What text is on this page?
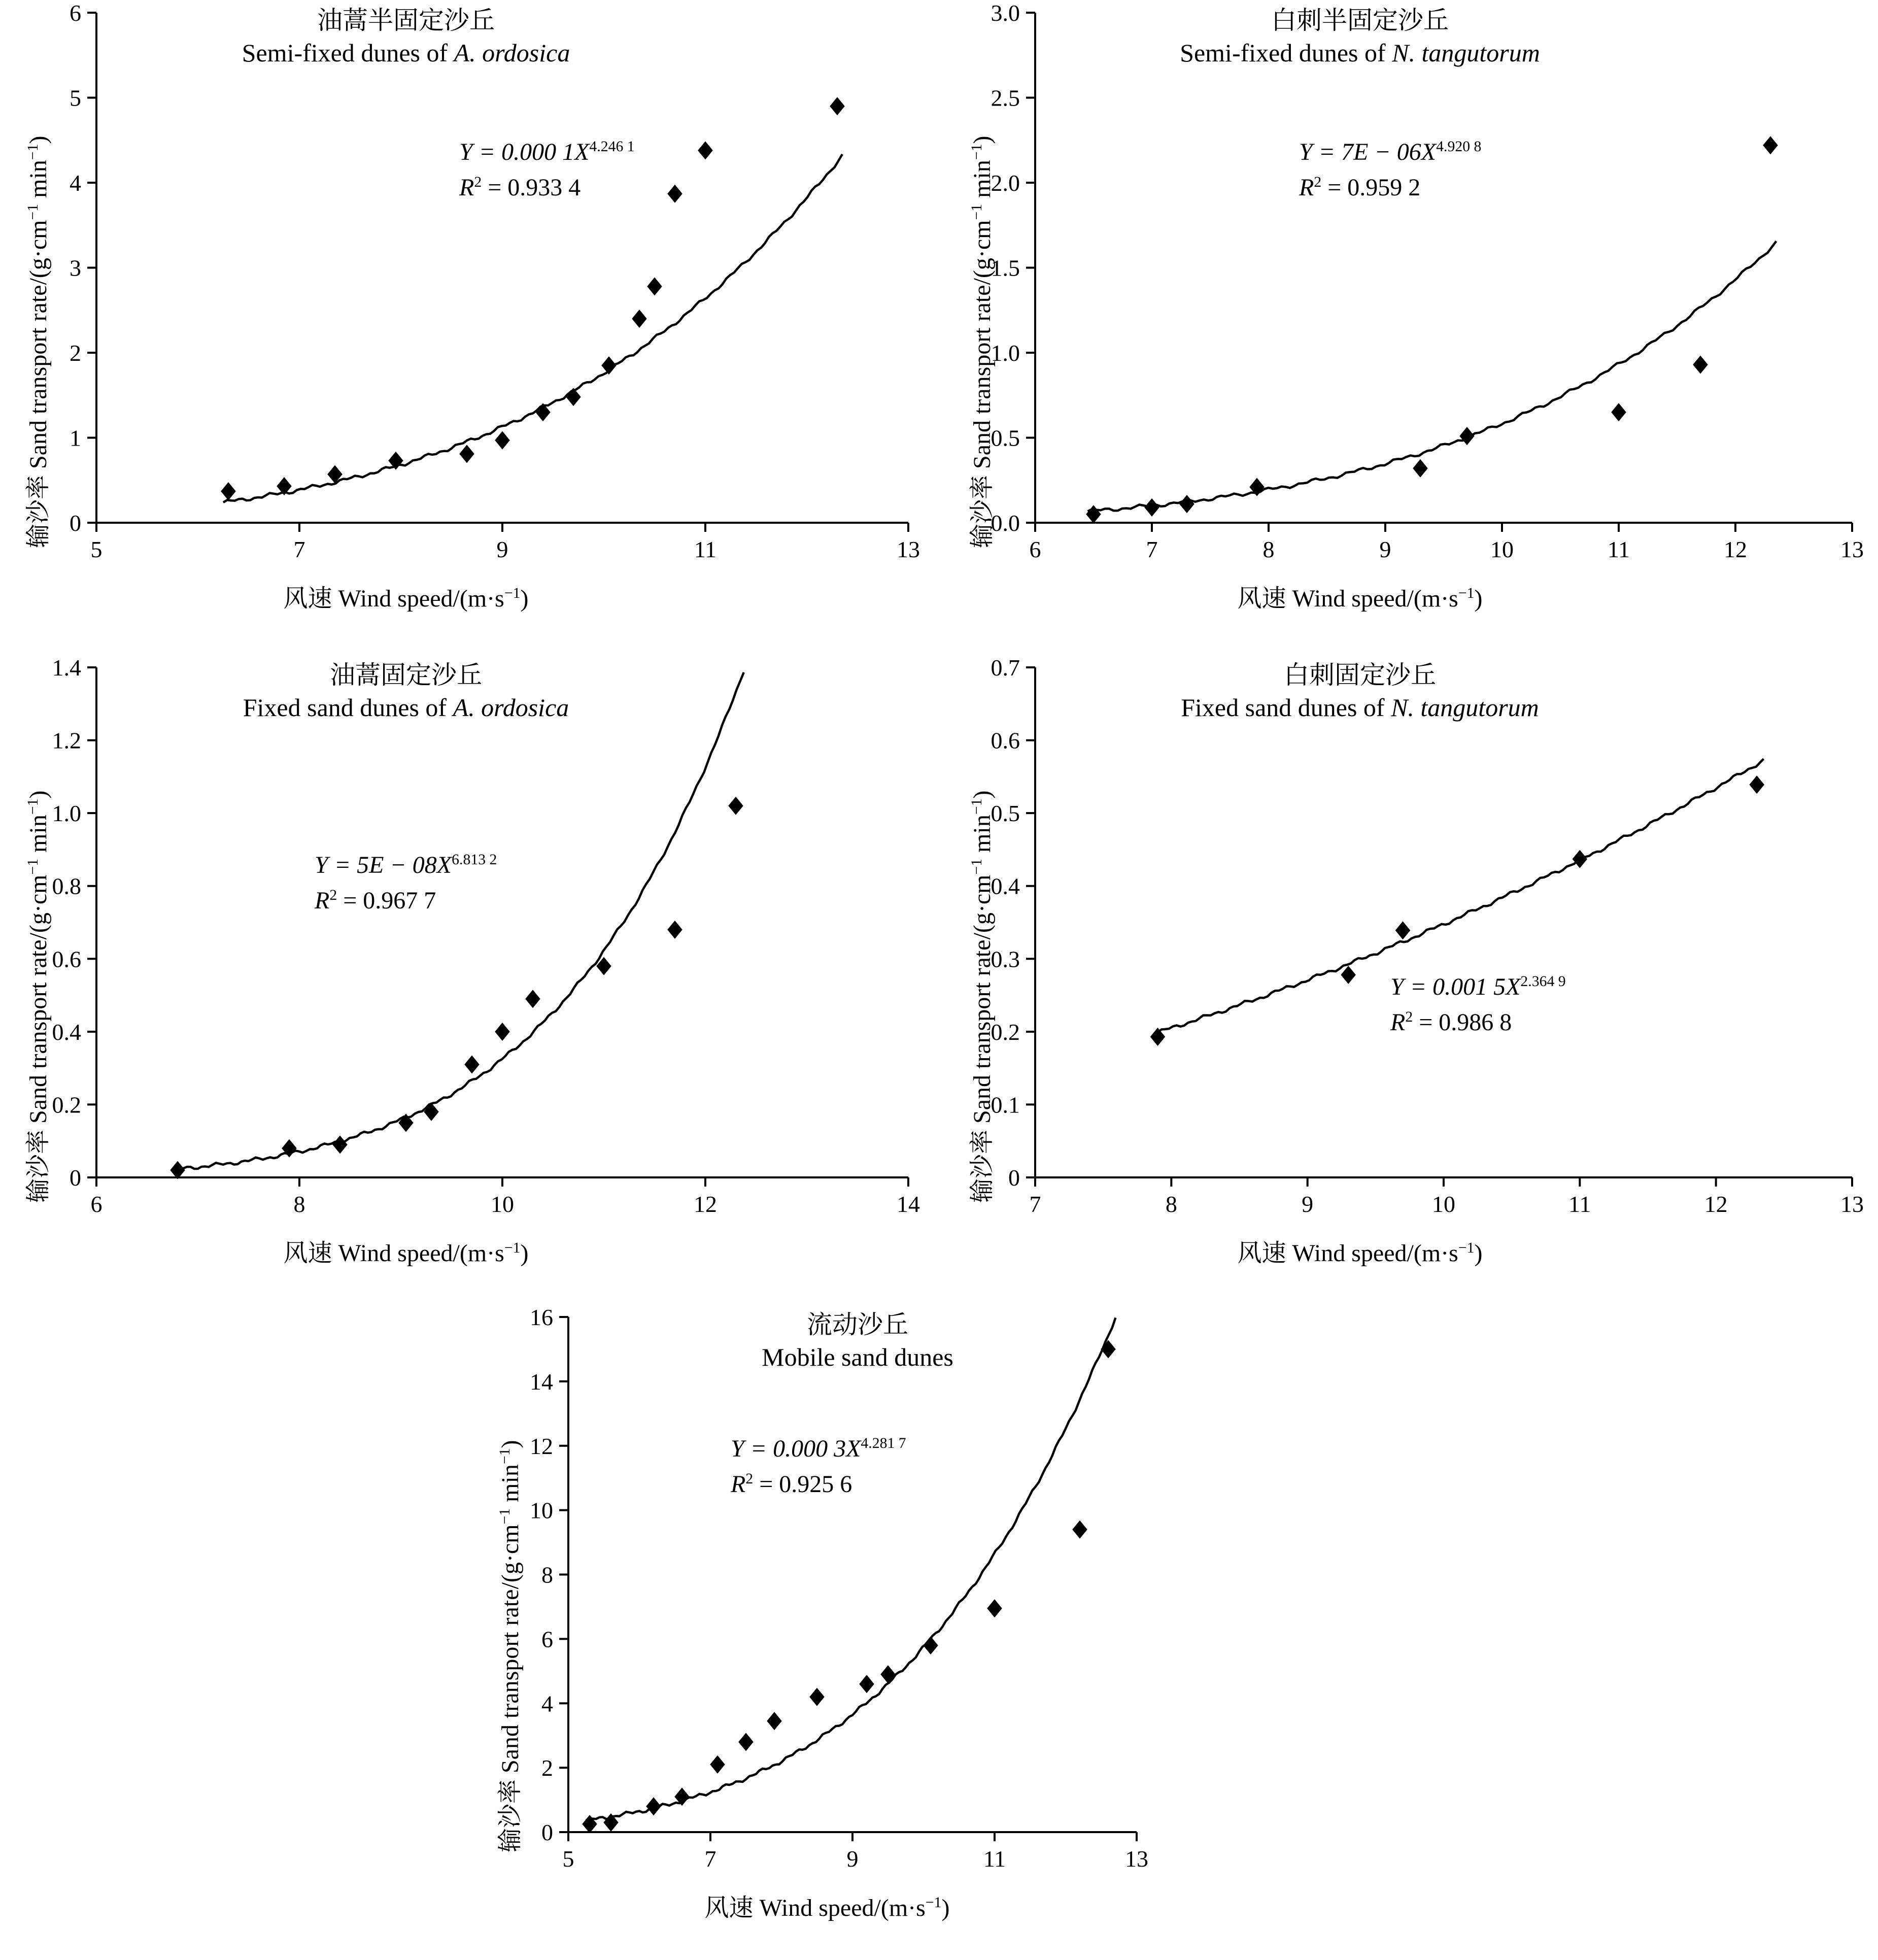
油蒿半固定沙丘
Semi-fixed dunes of A. ordosica
Y = 0.000 $1X^{4.246 1}$
$R^2 = 0.933$ 4
输沙率 Sand transport rate/($g\cdot cm^{-1}$ $\min^{-1}$)
风速 Wind speed/$(m\cdot s^{-1})$
0
1
2
3
4
5
6
5	7	9	11	13
白刺半固定沙丘
Semi-fixed dunes of N. tangutorum
$Y = 7E - 06X^{4.920 8}$
$R^2 = 0.959$ 2
输沙率 Sand transport rate/($g\cdot cm^{-1}$ $\min^{-1}$)
风速 Wind speed/$(m\cdot s^{-1})$
0.0
0.5
1.0
1.5
2.0
2.5
3.0
6	7	8	9	10	11	12	13
油蒿固定沙丘
Fixed sand dunes of A. ordosica
$Y = 5E - 08X^{6.813 2}$
$R^2 = 0.967$ 7
输沙率 Sand transport rate/($g\cdot cm^{-1}$ $\min^{-1}$)
风速 Wind speed/$(m\cdot s^{-1})$
0
0.2
0.4
0.6
0.8
1.0
1.2
1.4
6	8	10	12	14
白刺固定沙丘
Fixed sand dunes of N. tangutorum
Y = 0.001 $5X^{2.364 9}$
$R^2 = 0.986$ 8
输沙率 Sand transport rate/($g\cdot cm^{-1}$ $\min^{-1}$)
风速 Wind speed/$(m\cdot s^{-1})$
0
0.1
0.2
0.3
0.4
0.5
0.6
0.7
7	8	9	10	11	12	13
流动沙丘
Mobile sand dunes
Y = 0.000 $3X^{4.281 7}$
$R^2 = 0.925$ 6
输沙率 Sand transport rate/($g\cdot cm^{-1}$ $\min^{-1}$)
风速 Wind speed/$(m\cdot s^{-1})$
0
2
4
6
8
10
12
14
16
5	7	9	11	13
